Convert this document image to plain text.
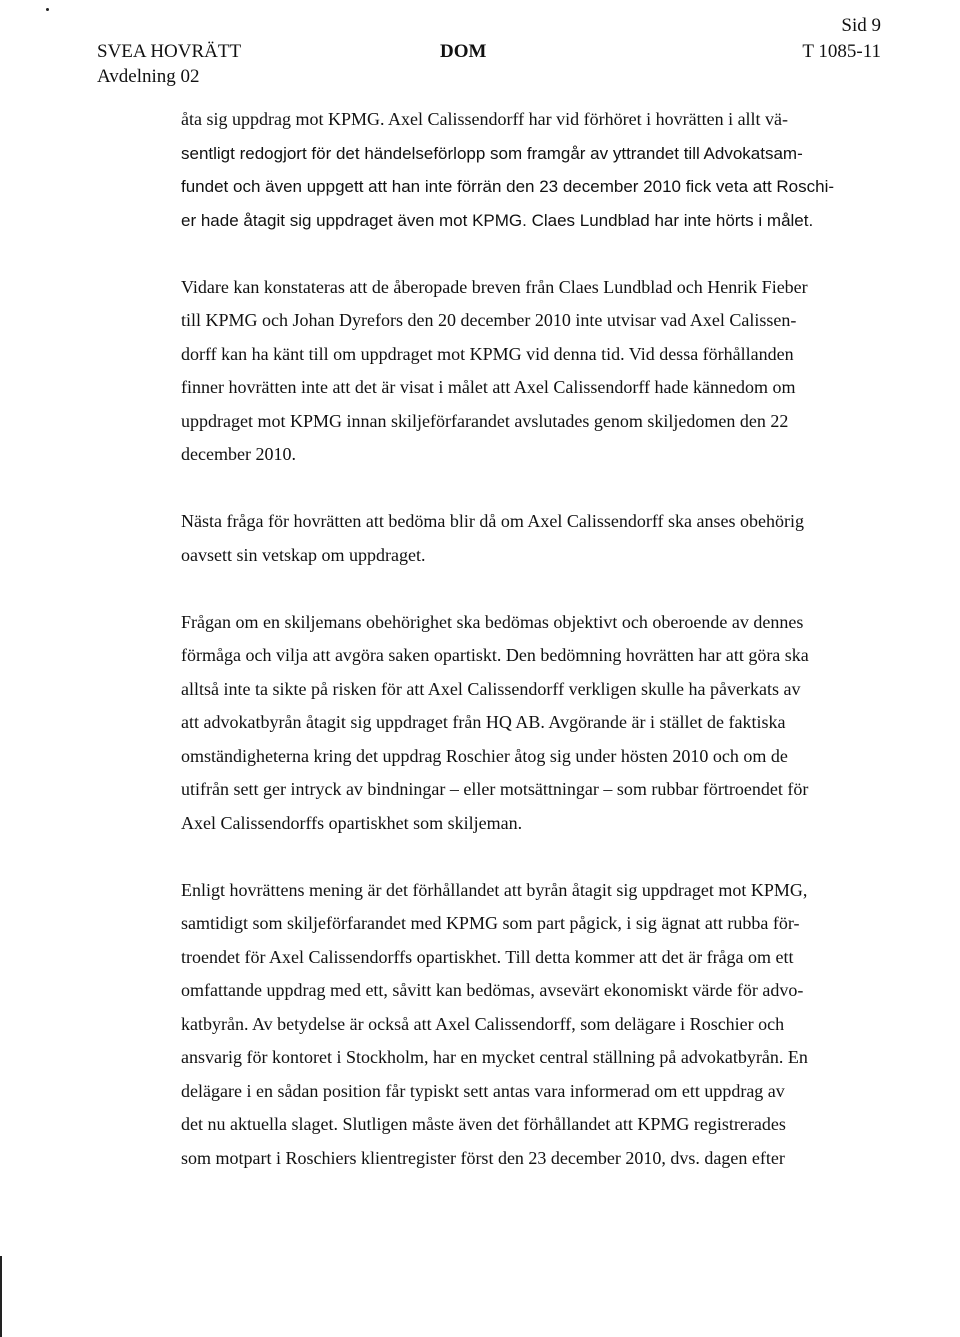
SVEA HOVRÄTT
Avdelning 02
DOM
Sid 9
T 1085-11

åta sig uppdrag mot KPMG. Axel Calissendorff har vid förhöret i hovrätten i allt vä-
sentligt redogjort för det händelseförlopp som framgår av yttrandet till Advokatsam-
fundet och även uppgett att han inte förrän den 23 december 2010 fick veta att Roschi-
er hade åtagit sig uppdraget även mot KPMG. Claes Lundblad har inte hörts i målet.

Vidare kan konstateras att de åberopade breven från Claes Lundblad och Henrik Fieber
till KPMG och Johan Dyrefors den 20 december 2010 inte utvisar vad Axel Calissen-
dorff kan ha känt till om uppdraget mot KPMG vid denna tid. Vid dessa förhållanden
finner hovrätten inte att det är visat i målet att Axel Calissendorff hade kännedom om
uppdraget mot KPMG innan skiljeförfarandet avslutades genom skiljedomen den 22
december 2010.

Nästa fråga för hovrätten att bedöma blir då om Axel Calissendorff ska anses obehörig
oavsett sin vetskap om uppdraget.

Frågan om en skiljemans obehörighet ska bedömas objektivt och oberoende av dennes
förmåga och vilja att avgöra saken opartiskt. Den bedömning hovrätten har att göra ska
alltså inte ta sikte på risken för att Axel Calissendorff verkligen skulle ha påverkats av
att advokatbyrån åtagit sig uppdraget från HQ AB. Avgörande är i stället de faktiska
omständigheterna kring det uppdrag Roschier åtog sig under hösten 2010 och om de
utifrån sett ger intryck av bindningar – eller motsättningar – som rubbar förtroendet för
Axel Calissendorffs opartiskhet som skiljeman.

Enligt hovrättens mening är det förhållandet att byrån åtagit sig uppdraget mot KPMG,
samtidigt som skiljeförfarandet med KPMG som part pågick, i sig ägnat att rubba för-
troendet för Axel Calissendorffs opartiskhet. Till detta kommer att det är fråga om ett
omfattande uppdrag med ett, såvitt kan bedömas, avsevärt ekonomiskt värde för advo-
katbyrån. Av betydelse är också att Axel Calissendorff, som delägare i Roschier och
ansvarig för kontoret i Stockholm, har en mycket central ställning på advokatbyrån. En
delägare i en sådan position får typiskt sett antas vara informerad om ett uppdrag av
det nu aktuella slaget. Slutligen måste även det förhållandet att KPMG registrerades
som motpart i Roschiers klientregister först den 23 december 2010, dvs. dagen efter
